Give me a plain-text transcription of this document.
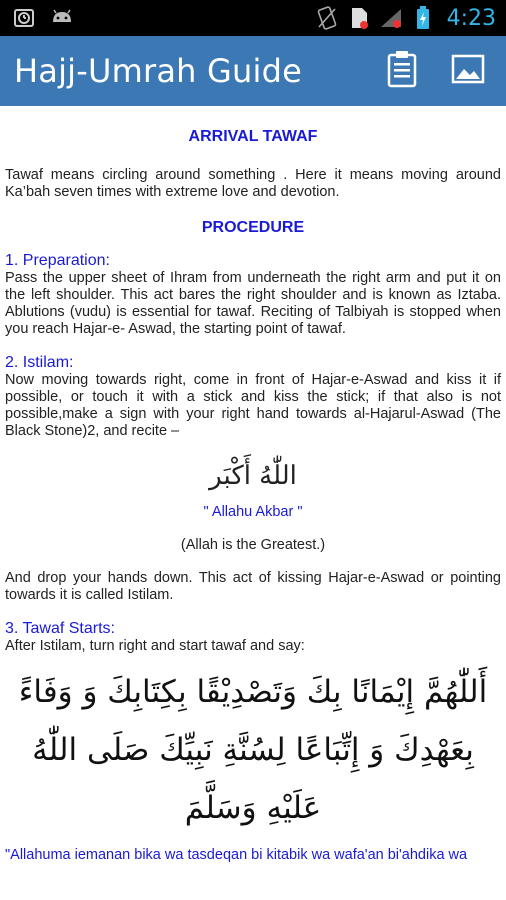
4:23
Hajj-Umrah Guide
ARRIVAL TAWAF
Tawaf means circling around something . Here it means moving around Ka’bah seven times with extreme love and devotion.
PROCEDURE
1. Preparation:
Pass the upper sheet of Ihram from underneath the right arm and put it on the left shoulder. This act bares the right shoulder and is known as Iztaba. Ablutions (vudu) is essential for tawaf. Reciting of Talbiyah is stopped when you reach Hajar-e- Aswad, the starting point of tawaf.
2. Istilam:
Now moving towards right, come in front of Hajar-e-Aswad and kiss it if possible, or touch it with a stick and kiss the stick; if that also is not possible,make a sign with your right hand towards al-Hajarul-Aswad (The Black Stone)2, and recite –
اللّٰهُ أَكْبَر
" Allahu Akbar "
(Allah is the Greatest.)
And drop your hands down. This act of kissing Hajar-e-Aswad or pointing towards it is called Istilam.
3. Tawaf Starts:
After Istilam, turn right and start tawaf and say:
أَللّٰهُمَّ إِيْمَانًا بِكَ وَتَصْدِيْقًا بِكِتَابِكَ وَ وَفَاءً
بِعَهْدِكَ وَ إِتِّبَاعًا لِسُنَّةِ نَبِيِّكَ صَلَى اللّٰهُ عَلَيْهِ وَسَلَّمَ
"Allahuma iemanan bika wa tasdeqan bi kitabik wa wafa'an bi'ahdika wa
